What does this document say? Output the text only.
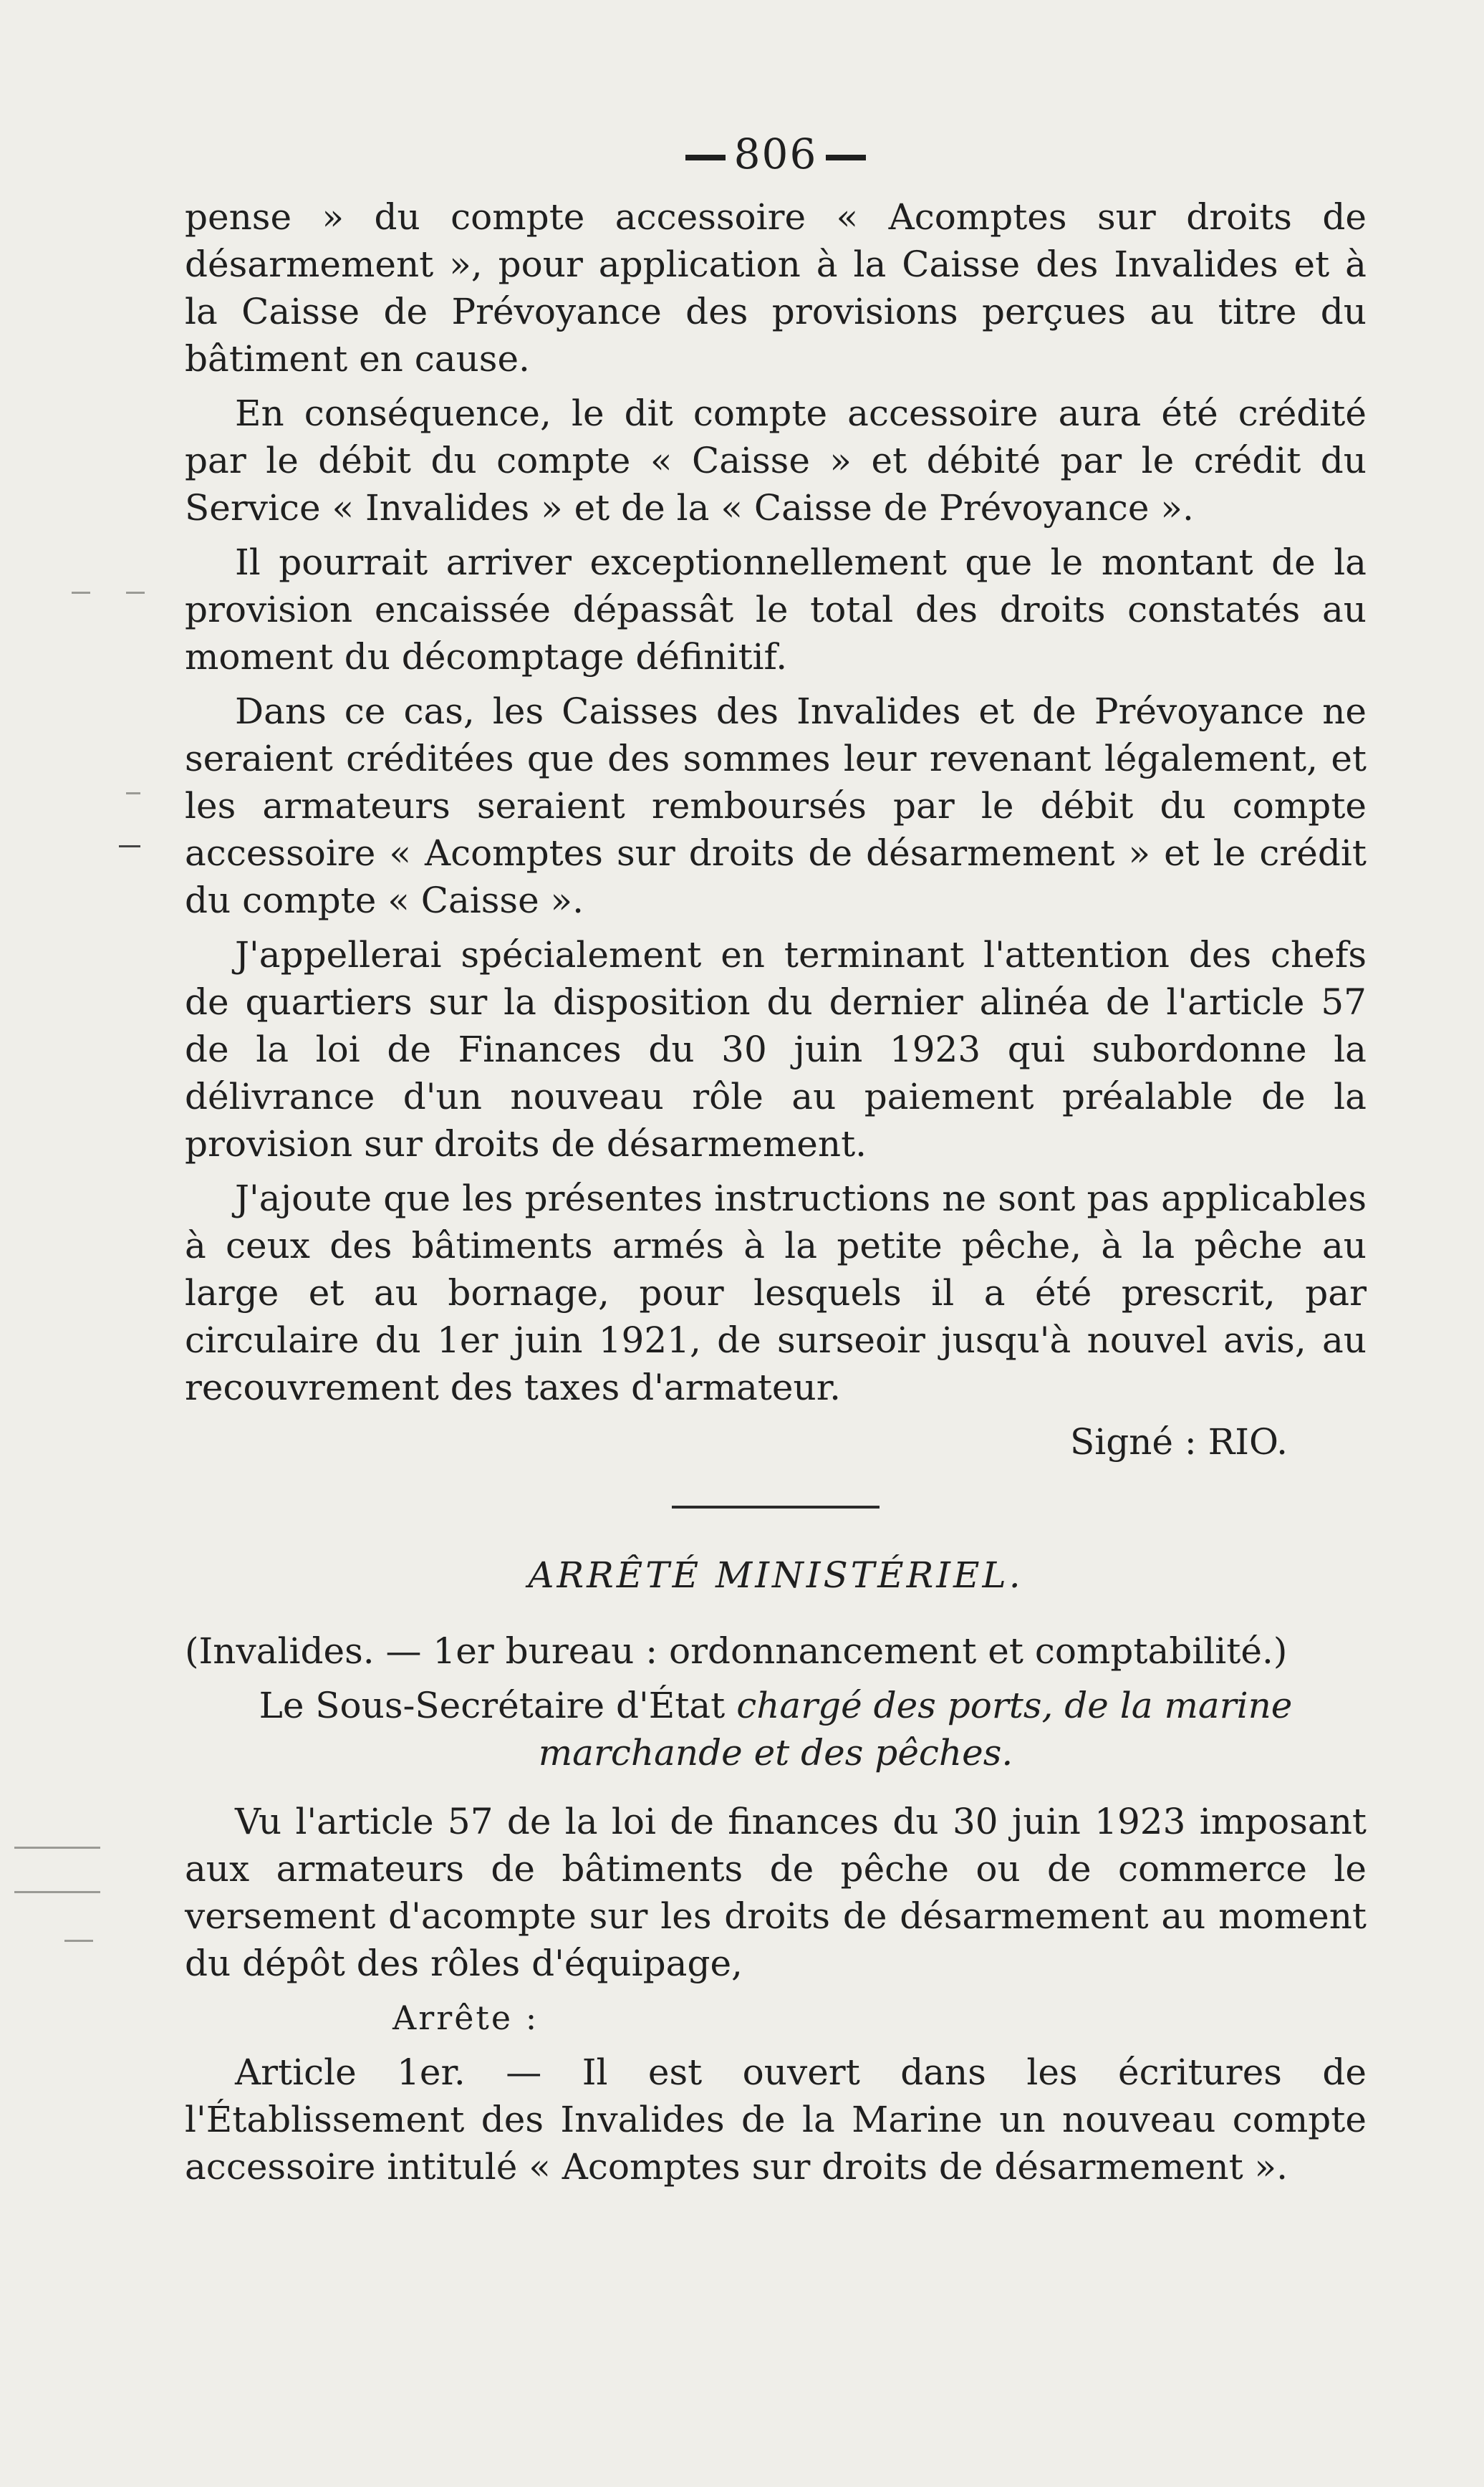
806

pense » du compte accessoire « Acomptes sur droits de désarmement », pour application à la Caisse des Invalides et à la Caisse de Prévoyance des provisions perçues au titre du bâtiment en cause.

En conséquence, le dit compte accessoire aura été crédité par le débit du compte « Caisse » et débité par le crédit du Service « Invalides » et de la « Caisse de Prévoyance ».

Il pourrait arriver exceptionnellement que le montant de la provision encaissée dépassât le total des droits constatés au moment du décomptage définitif.

Dans ce cas, les Caisses des Invalides et de Prévoyance ne seraient créditées que des sommes leur revenant légalement, et les armateurs seraient remboursés par le débit du compte accessoire « Acomptes sur droits de désarmement » et le crédit du compte « Caisse ».

J'appellerai spécialement en terminant l'attention des chefs de quartiers sur la disposition du dernier alinéa de l'article 57 de la loi de Finances du 30 juin 1923 qui subordonne la délivrance d'un nouveau rôle au paiement préalable de la provision sur droits de désarmement.

J'ajoute que les présentes instructions ne sont pas applicables à ceux des bâtiments armés à la petite pêche, à la pêche au large et au bornage, pour lesquels il a été prescrit, par circulaire du 1er juin 1921, de surseoir jusqu'à nouvel avis, au recouvrement des taxes d'armateur.

Signé : RIO.
ARRÊTÉ MINISTÉRIEL.

(Invalides. — 1er bureau : ordonnancement et comptabilité.)

Le Sous-Secrétaire d'État chargé des ports, de la marine marchande et des pêches.

Vu l'article 57 de la loi de finances du 30 juin 1923 imposant aux armateurs de bâtiments de pêche ou de commerce le versement d'acompte sur les droits de désarmement au moment du dépôt des rôles d'équipage,

Arrête :

Article 1er. — Il est ouvert dans les écritures de l'Établissement des Invalides de la Marine un nouveau compte accessoire intitulé « Acomptes sur droits de désarmement ».
